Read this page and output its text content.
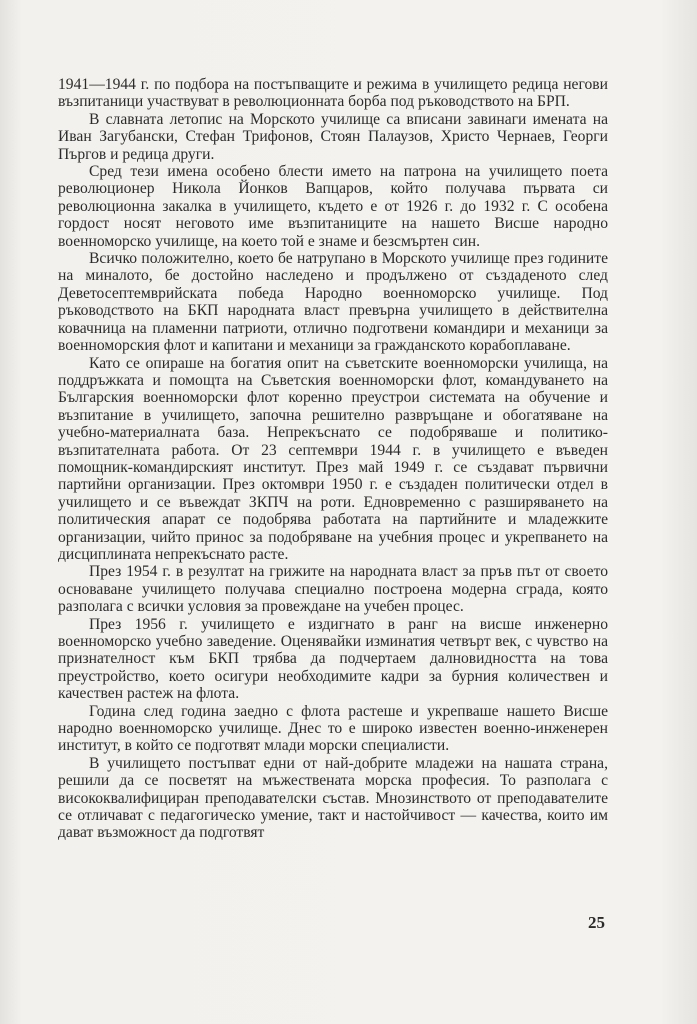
1941—1944 г. по подбора на постъпващите и режима в училището редица негови възпитаници участвуват в революционната борба под ръководството на БРП.

В славната летопис на Морското училище са вписани завинаги имената на Иван Загубански, Стефан Трифонов, Стоян Палаузов, Христо Чернаев, Георги Пъргов и редица други.

Сред тези имена особено блести името на патрона на училището поета революционер Никола Йонков Вапцаров, който получава първата си революционна закалка в училището, където е от 1926 г. до 1932 г. С особена гордост носят неговото име възпитаниците на нашето Висше народно военноморско училище, на което той е знаме и безсмъртен син.

Всичко положително, което бе натрупано в Морското училище през годините на миналото, бе достойно наследено и продължено от създаденото след Деветосептемврийската победа Народно военноморско училище. Под ръководството на БКП народната власт превърна училището в действителна ковачница на пламенни патриоти, отлично подготвени командири и механици за военноморския флот и капитани и механици за гражданското корабоплаване.

Като се опираше на богатия опит на съветските военноморски училища, на поддръжката и помощта на Съветския военноморски флот, командуването на Българския военноморски флот коренно преустрои системата на обучение и възпитание в училището, започна решително развръщане и обогатяване на учебно-материалната база. Непрекъснато се подобряваше и политико-възпитателната работа. От 23 септември 1944 г. в училището е въведен помощник-командирският институт. През май 1949 г. се създават първични партийни организации. През октомври 1950 г. е създаден политически отдел в училището и се въвеждат ЗКПЧ на роти. Едновременно с разширяването на политическия апарат се подобрява работата на партийните и младежките организации, чийто принос за подобряване на учебния процес и укрепването на дисциплината непрекъснато расте.

През 1954 г. в резултат на грижите на народната власт за пръв път от своето основаване училището получава специално построена модерна сграда, която разполага с всички условия за провеждане на учебен процес.

През 1956 г. училището е издигнато в ранг на висше инженерно военноморско учебно заведение. Оценявайки изминатия четвърт век, с чувство на признателност към БКП трябва да подчертаем далновидността на това преустройство, което осигури необходимите кадри за бурния количествен и качествен растеж на флота.

Година след година заедно с флота растеше и укрепваше нашето Висше народно военноморско училище. Днес то е широко известен военно-инженерен институт, в който се подготвят млади морски специалисти.

В училището постъпват едни от най-добрите младежи на нашата страна, решили да се посветят на мъжествената морска професия. То разполага с висококвалифициран преподавателски състав. Мнозинството от преподавателите се отличават с педагогическо умение, такт и настойчивост — качества, които им дават възможност да подготвят

25
